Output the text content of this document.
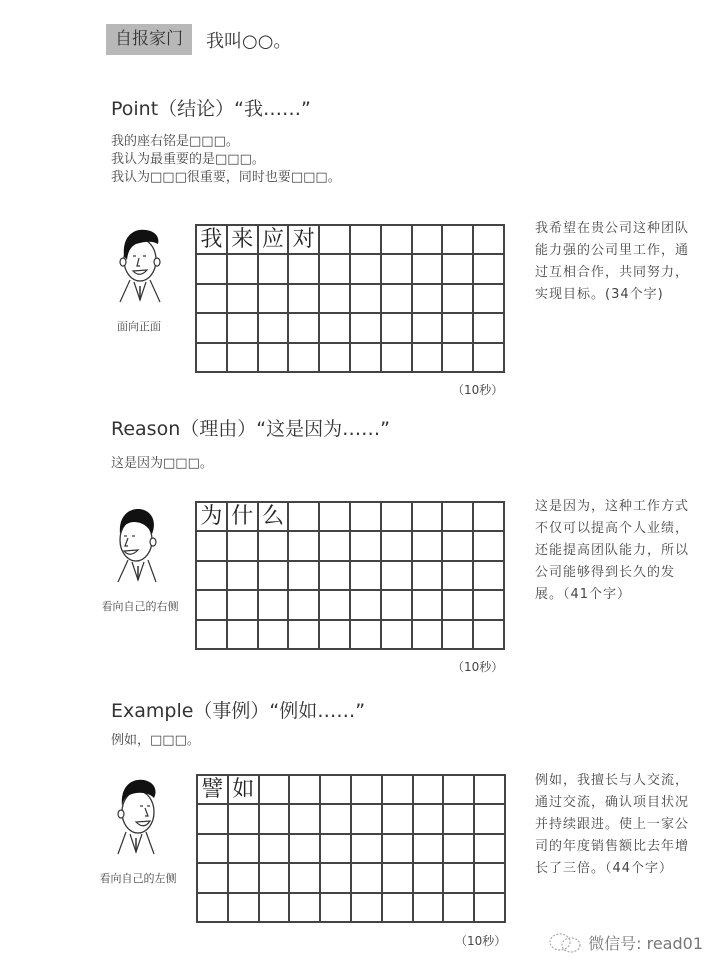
自报家门	我叫○○。
Point（结论）“我……”
我的座右铭是□□□。
我认为最重要的是□□□。
我认为□□□很重要，同时也要□□□。
面向正面
我 来 应 对
（10秒）
我希望在贵公司这种团队能力强的公司里工作，通过互相合作，共同努力，实现目标。(34个字)
Reason（理由）“这是因为……”
这是因为□□□。
看向自己的右侧
为 什 么
（10秒）
这是因为，这种工作方式不仅可以提高个人业绩，还能提高团队能力，所以公司能够得到长久的发展。（41个字）
Example（事例）“例如……”
例如，□□□。
看向自己的左侧
譬 如
（10秒）
例如，我擅长与人交流，通过交流，确认项目状况并持续跟进。使上一家公司的年度销售额比去年增长了三倍。（44个字）
微信号: read01
